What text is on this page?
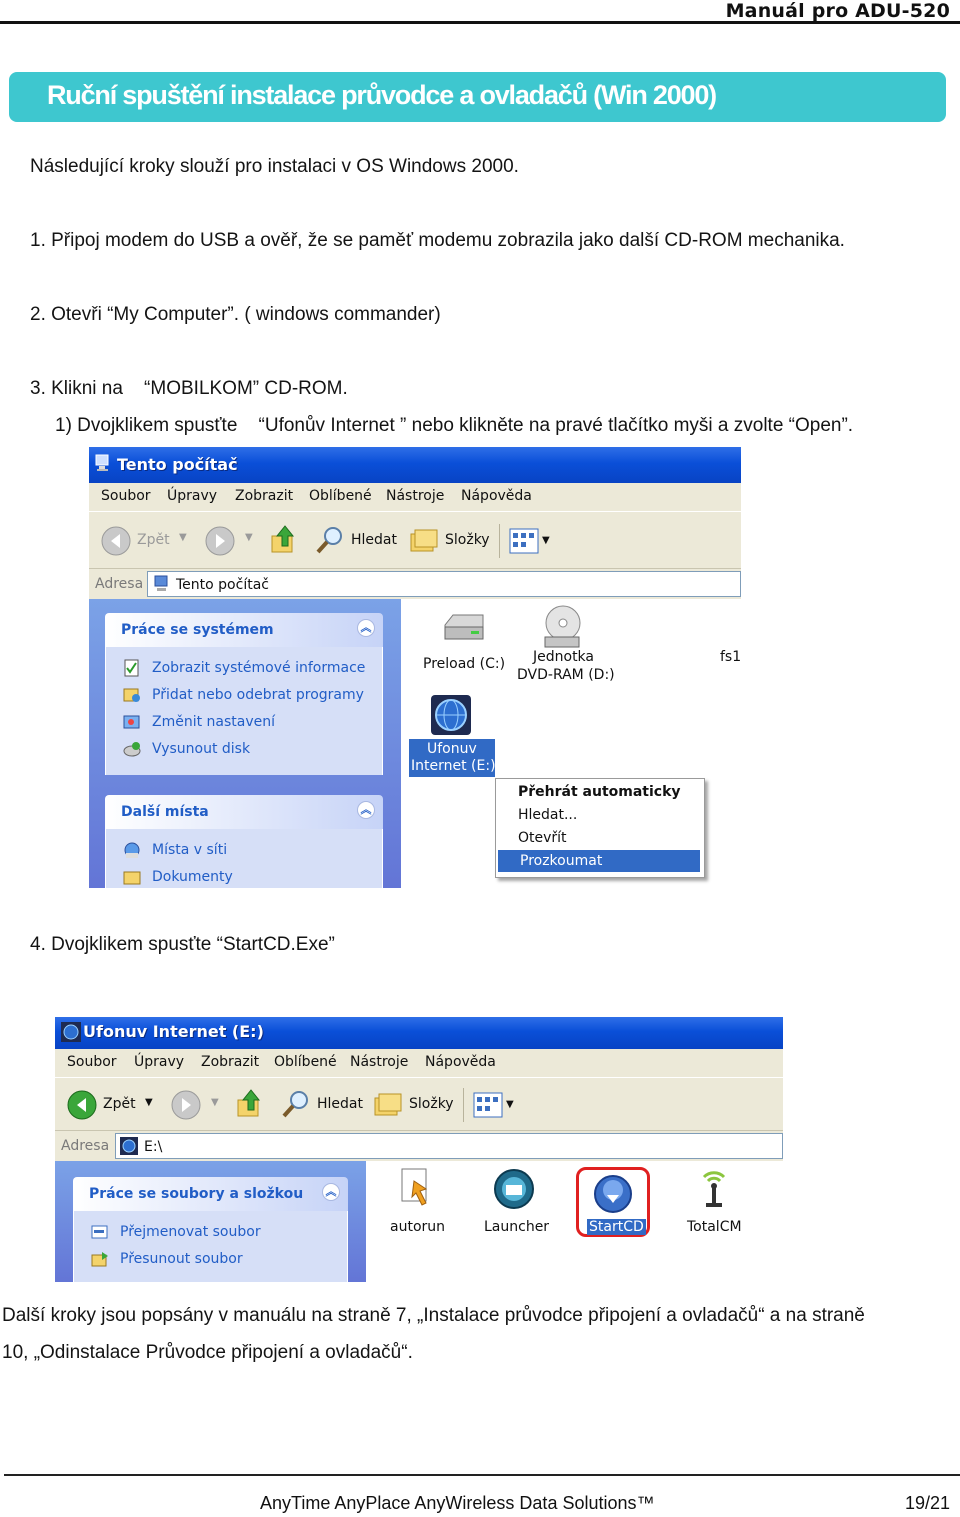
Manuál pro ADU-520
Ruční spuštění instalace průvodce a ovladačů (Win 2000)
Následující kroky slouží pro instalaci v OS Windows 2000.
1. Připoj modem do USB a ověř, že se paměť modemu zobrazila jako další CD-ROM mechanika.
2. Otevři “My Computer”. ( windows commander)
3. Klikni na    “MOBILKOM” CD-ROM.
1) Dvojklikem spusťte    “Ufonův Internet ” nebo klikněte na pravé tlačítko myši a zvolte “Open”.
Tento počítač
Soubor Úpravy Zobrazit Oblíbené Nástroje Nápověda
Zpět ▼	▼	Hledat	Složky	▼
Adresa Tento počítač
Práce se systémem	︽
Zobrazit systémové informace
Přidat nebo odebrat programy
Změnit nastavení
Vysunout disk
Další místa	︽
Místa v síti
Dokumenty
Preload (C:) Jednotka
DVD-RAM (D:)
fs1
Ufonuv
Internet (E:)
Přehrát automaticky
Hledat...
Otevřít
Prozkoumat
4. Dvojklikem spusťte “StartCD.Exe”
Ufonuv Internet (E:)
Soubor Úpravy Zobrazit Oblíbené Nástroje Nápověda
Zpět ▼	▼	Hledat	Složky	▼
Adresa E:\
Práce se soubory a složkou	︽
Přejmenovat soubor
Přesunout soubor
autorun	Launcher	StartCD	TotalCM
Další kroky jsou popsány v manuálu na straně 7, „Instalace průvodce připojení a ovladačů“ a na straně
10, „Odinstalace Průvodce připojení a ovladačů“.
AnyTime AnyPlace AnyWireless Data Solutions™	19/21
